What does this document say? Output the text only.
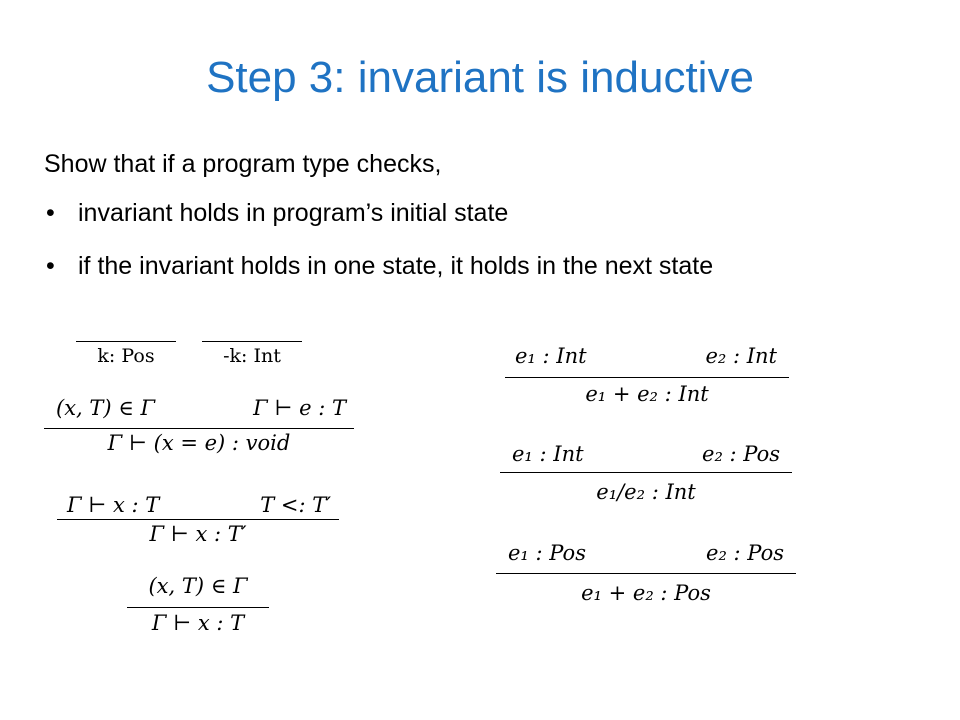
Step 3: invariant is inductive
Show that if a program type checks,
• invariant holds in program’s initial state
• if the invariant holds in one state, it holds in the next state
k: Pos	-k: Int
(x, T) ∈ Γ	Γ ⊢ e : T
Γ ⊢ (x = e) : void
Γ ⊢ x : T	T <: T′
Γ ⊢ x : T′
(x, T) ∈ Γ
Γ ⊢ x : T
e₁ : Int	e₂ : Int
e₁ + e₂ : Int
e₁ : Int	e₂ : Pos
e₁/e₂ : Int
e₁ : Pos	e₂ : Pos
e₁ + e₂ : Pos
